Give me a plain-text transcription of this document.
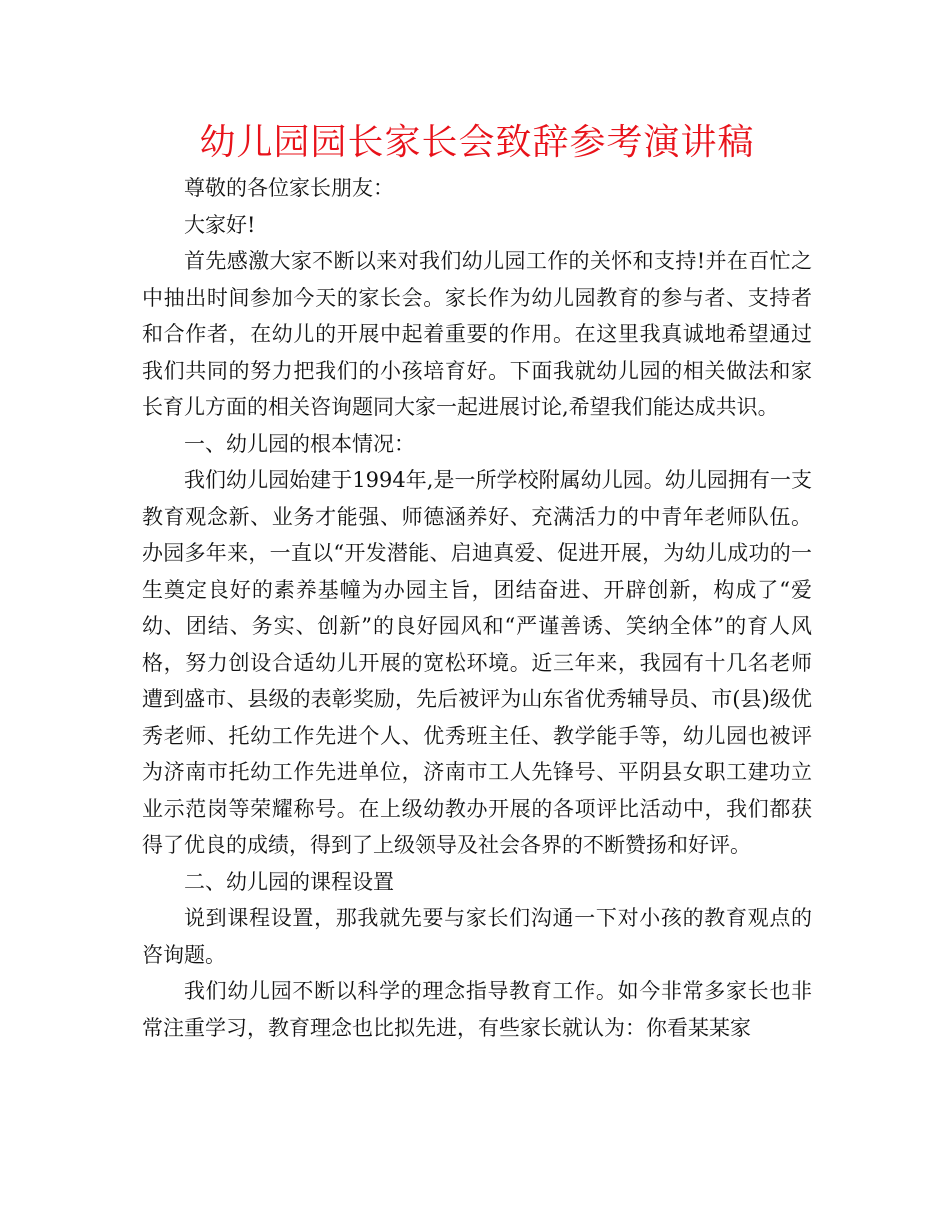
幼儿园园长家长会致辞参考演讲稿

尊敬的各位家长朋友：

大家好!

首先感激大家不断以来对我们幼儿园工作的关怀和支持!并在百忙之中抽出时间参加今天的家长会。家长作为幼儿园教育的参与者、支持者和合作者，在幼儿的开展中起着重要的作用。在这里我真诚地希望通过我们共同的努力把我们的小孩培育好。下面我就幼儿园的相关做法和家长育儿方面的相关咨询题同大家一起进展讨论,希望我们能达成共识。

一、幼儿园的根本情况：

我们幼儿园始建于1994年,是一所学校附属幼儿园。幼儿园拥有一支教育观念新、业务才能强、师德涵养好、充满活力的中青年老师队伍。办园多年来，一直以“开发潜能、启迪真爱、促进开展，为幼儿成功的一生奠定良好的素养基幢为办园主旨，团结奋进、开辟创新，构成了“爱幼、团结、务实、创新”的良好园风和“严谨善诱、笑纳全体”的育人风格，努力创设合适幼儿开展的宽松环境。近三年来，我园有十几名老师遭到盛市、县级的表彰奖励，先后被评为山东省优秀辅导员、市(县)级优秀老师、托幼工作先进个人、优秀班主任、教学能手等，幼儿园也被评为济南市托幼工作先进单位，济南市工人先锋号、平阴县女职工建功立业示范岗等荣耀称号。在上级幼教办开展的各项评比活动中，我们都获得了优良的成绩，得到了上级领导及社会各界的不断赞扬和好评。

二、幼儿园的课程设置

说到课程设置，那我就先要与家长们沟通一下对小孩的教育观点的咨询题。

我们幼儿园不断以科学的理念指导教育工作。如今非常多家长也非常注重学习，教育理念也比拟先进，有些家长就认为：你看某某家
